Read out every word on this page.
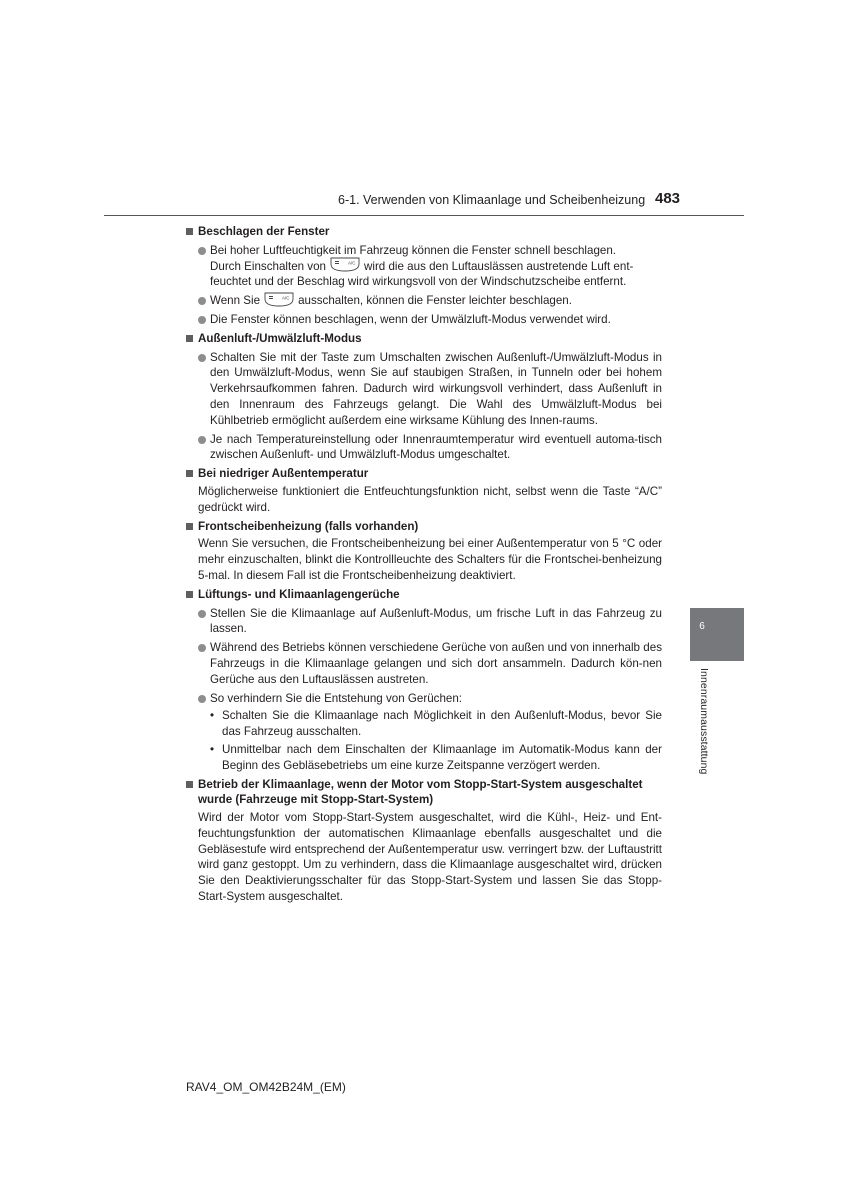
6-1. Verwenden von Klimaanlage und Scheibenheizung 483
6
Innenraumausstattung
Beschlagen der Fenster
Bei hoher Luftfeuchtigkeit im Fahrzeug können die Fenster schnell beschlagen.
Durch Einschalten von	A/C wird die aus den Luftauslässen austretende Luft ent-
feuchtet und der Beschlag wird wirkungsvoll von der Windschutzscheibe entfernt.
Wenn Sie	A/C ausschalten, können die Fenster leichter beschlagen.
Die Fenster können beschlagen, wenn der Umwälzluft-Modus verwendet wird.
Außenluft-/Umwälzluft-Modus
Schalten Sie mit der Taste zum Umschalten zwischen Außenluft-/Umwälzluft-Modus in den Umwälzluft-Modus, wenn Sie auf staubigen Straßen, in Tunneln oder bei hohem Verkehrsaufkommen fahren. Dadurch wird wirkungsvoll verhindert, dass Außenluft in den Innenraum des Fahrzeugs gelangt. Die Wahl des Umwälzluft-Modus bei Kühlbetrieb ermöglicht außerdem eine wirksame Kühlung des Innen-raums.
Je nach Temperatureinstellung oder Innenraumtemperatur wird eventuell automa-tisch zwischen Außenluft- und Umwälzluft-Modus umgeschaltet.
Bei niedriger Außentemperatur
Möglicherweise funktioniert die Entfeuchtungsfunktion nicht, selbst wenn die Taste “A/C” gedrückt wird.
Frontscheibenheizung (falls vorhanden)
Wenn Sie versuchen, die Frontscheibenheizung bei einer Außentemperatur von 5 °C oder mehr einzuschalten, blinkt die Kontrollleuchte des Schalters für die Frontschei-benheizung 5-mal. In diesem Fall ist die Frontscheibenheizung deaktiviert.
Lüftungs- und Klimaanlagengerüche
Stellen Sie die Klimaanlage auf Außenluft-Modus, um frische Luft in das Fahrzeug zu lassen.
Während des Betriebs können verschiedene Gerüche von außen und von innerhalb des Fahrzeugs in die Klimaanlage gelangen und sich dort ansammeln. Dadurch kön-nen Gerüche aus den Luftauslässen austreten.
So verhindern Sie die Entstehung von Gerüchen:
• Schalten Sie die Klimaanlage nach Möglichkeit in den Außenluft-Modus, bevor Sie das Fahrzeug ausschalten.
• Unmittelbar nach dem Einschalten der Klimaanlage im Automatik-Modus kann der Beginn des Gebläsebetriebs um eine kurze Zeitspanne verzögert werden.
Betrieb der Klimaanlage, wenn der Motor vom Stopp-Start-System ausgeschaltet wurde (Fahrzeuge mit Stopp-Start-System)
Wird der Motor vom Stopp-Start-System ausgeschaltet, wird die Kühl-, Heiz- und Ent-feuchtungsfunktion der automatischen Klimaanlage ebenfalls ausgeschaltet und die Gebläsestufe wird entsprechend der Außentemperatur usw. verringert bzw. der Luftaustritt wird ganz gestoppt. Um zu verhindern, dass die Klimaanlage ausgeschaltet wird, drücken Sie den Deaktivierungsschalter für das Stopp-Start-System und lassen Sie das Stopp-Start-System ausgeschaltet.
RAV4_OM_OM42B24M_(EM)
